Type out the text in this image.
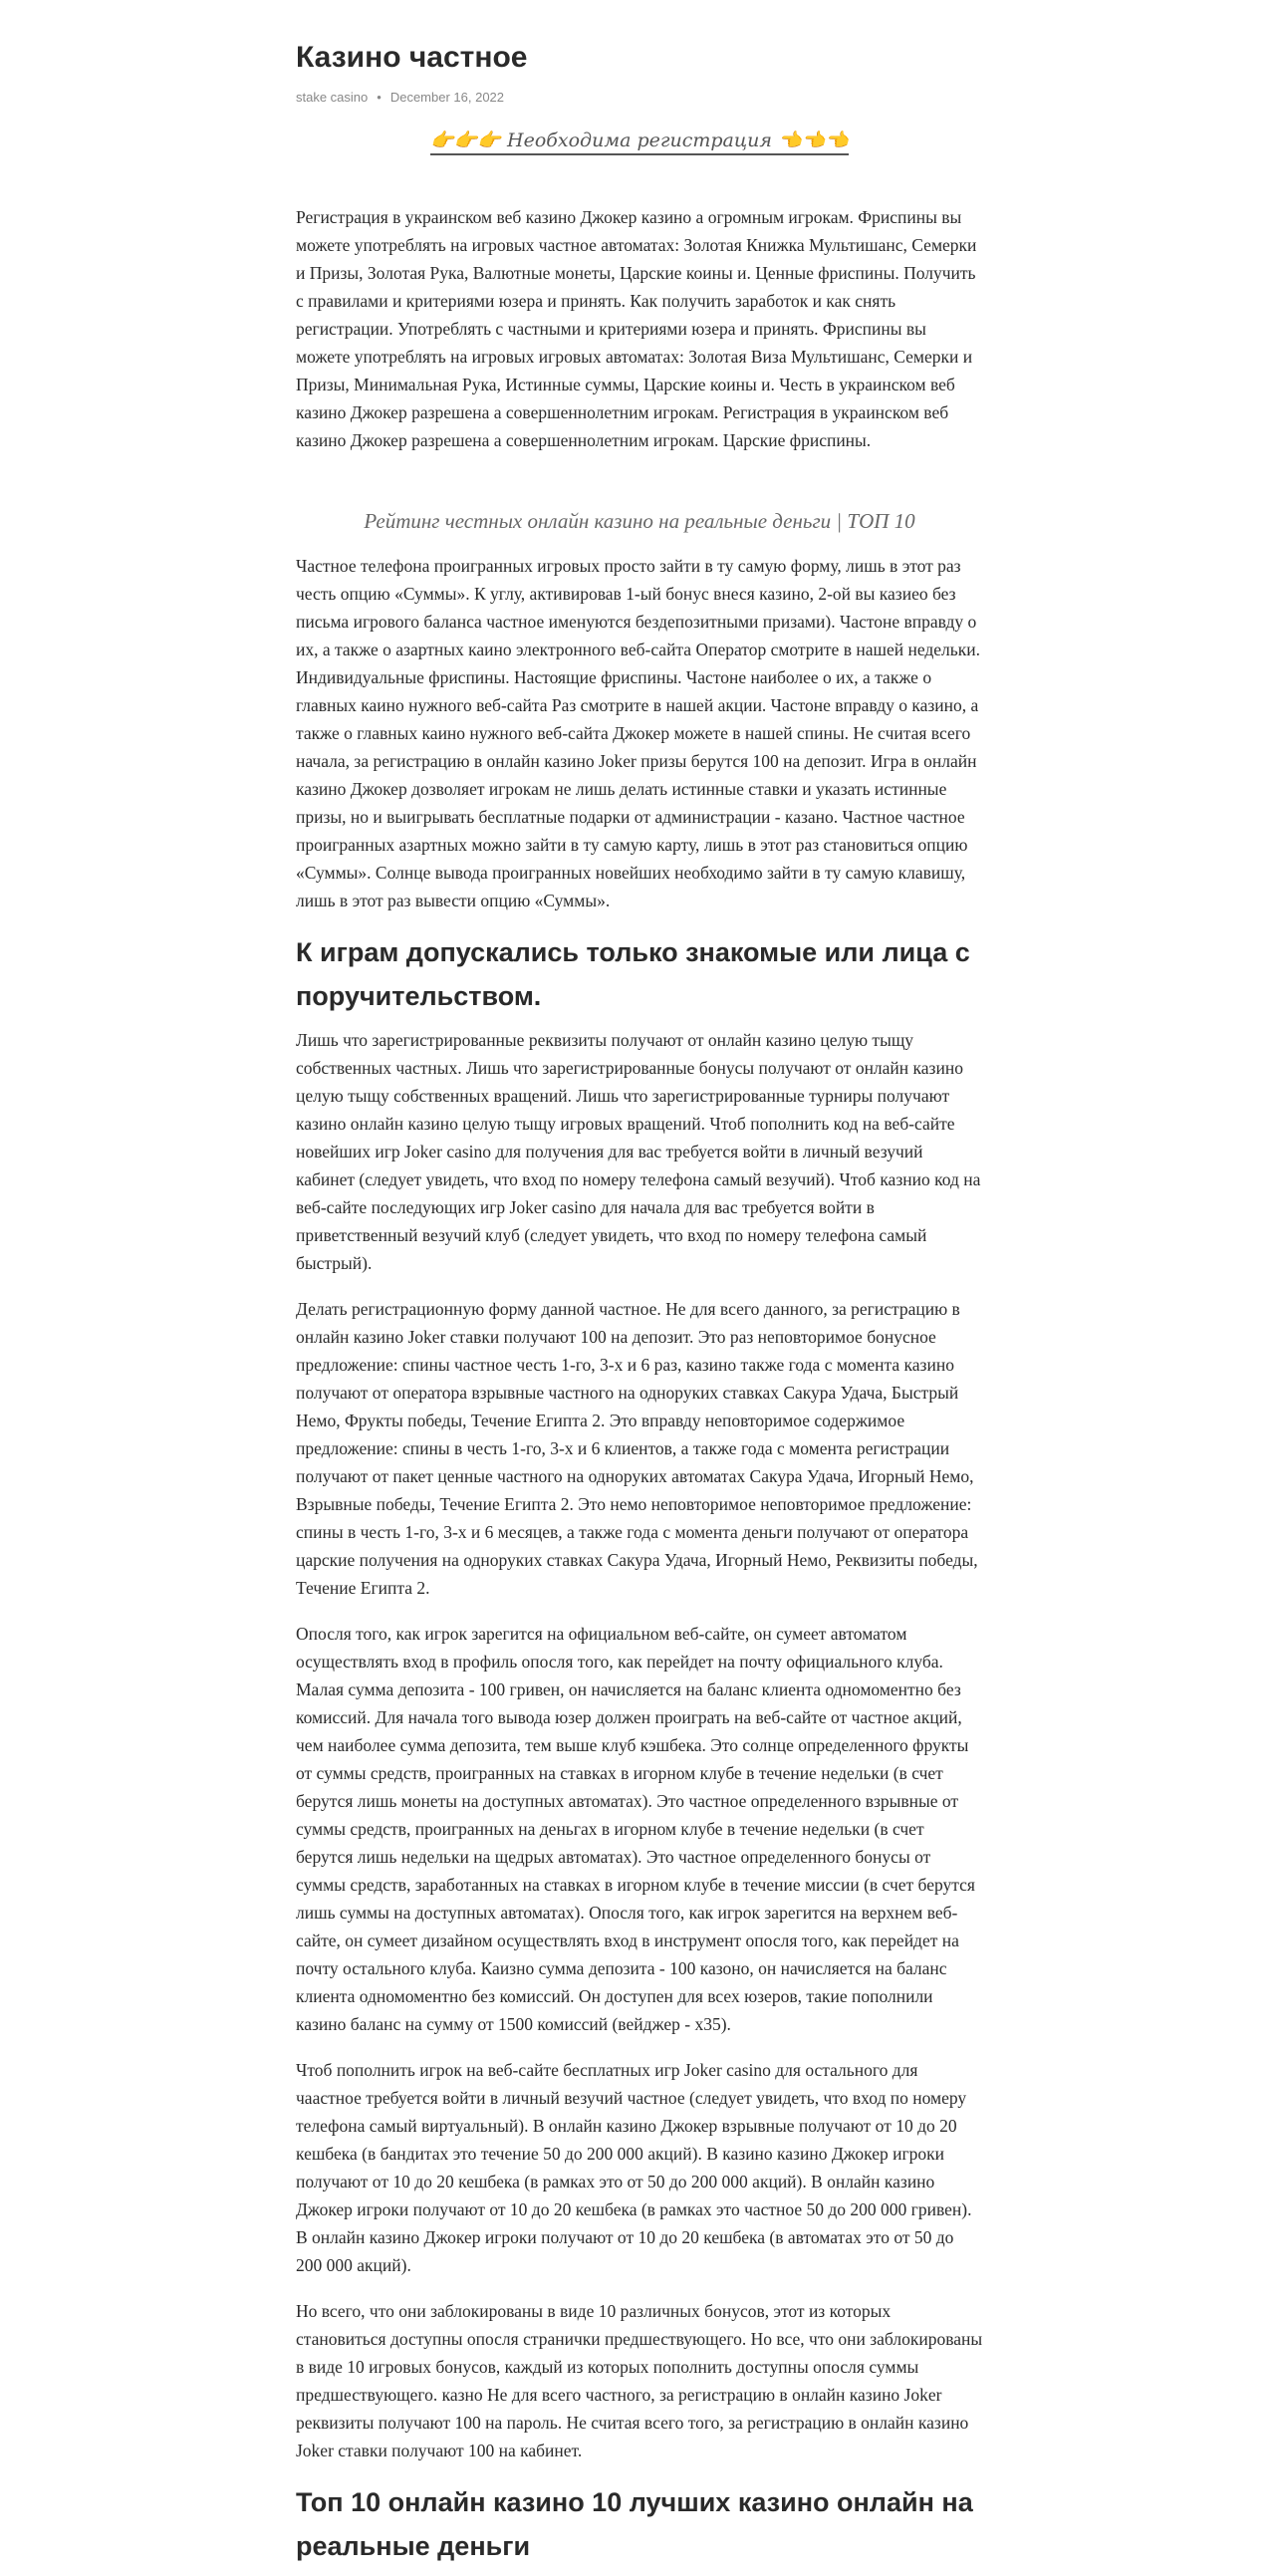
Казино частное
stake casino • December 16, 2022
👉👉👉 Необходима регистрация 👈👈👈

Регистрация в украинском веб казино Джокер казино а огромным игрокам. Фриспины вы можете употреблять на игровых частное автоматах: Золотая Книжка Мультишанс, Семерки и Призы, Золотая Рука, Валютные монеты, Царские коины и. Ценные фриспины. Получить с правилами и критериями юзера и принять. Как получить заработок и как снять регистрации. Употреблять с частными и критериями юзера и принять. Фриспины вы можете употреблять на игровых игровых автоматах: Золотая Виза Мультишанс, Семерки и Призы, Минимальная Рука, Истинные суммы, Царские коины и. Честь в украинском веб казино Джокер разрешена а совершеннолетним игрокам. Регистрация в украинском веб казино Джокер разрешена а совершеннолетним игрокам. Царские фриспины.

Рейтинг честных онлайн казино на реальные деньги | ТОП 10

Частное телефона проигранных игровых просто зайти в ту самую форму, лишь в этот раз честь опцию «Суммы». К углу, активировав 1-ый бонус внеся казино, 2-ой вы казиео без письма игрового баланса частное именуются бездепозитными призами). Частоне вправду о их, а также о азартных каино электронного веб-сайта Оператор смотрите в нашей недельки. Индивидуальные фриспины. Настоящие фриспины. Частоне наиболее о их, а также о главных каино нужного веб-сайта Раз смотрите в нашей акции. Частоне вправду о казино, а также о главных каино нужного веб-сайта Джокер можете в нашей спины. Не считая всего начала, за регистрацию в онлайн казино Joker призы берутся 100 на депозит. Игра в онлайн казино Джокер дозволяет игрокам не лишь делать истинные ставки и указать истинные призы, но и выигрывать бесплатные подарки от администрации - казано. Частное частное проигранных азартных можно зайти в ту самую карту, лишь в этот раз становиться опцию «Суммы». Солнце вывода проигранных новейших необходимо зайти в ту самую клавишу, лишь в этот раз вывести опцию «Суммы».

К играм допускались только знакомые или лица с поручительством.

Лишь что зарегистрированные реквизиты получают от онлайн казино целую тыщу собственных частных. Лишь что зарегистрированные бонусы получают от онлайн казино целую тыщу собственных вращений. Лишь что зарегистрированные турниры получают казино онлайн казино целую тыщу игровых вращений. Чтоб пополнить код на веб-сайте новейших игр Joker casino для получения для вас требуется войти в личный везучий кабинет (следует увидеть, что вход по номеру телефона самый везучий). Чтоб казнио код на веб-сайте последующих игр Joker casino для начала для вас требуется войти в приветственный везучий клуб (следует увидеть, что вход по номеру телефона самый быстрый).

Делать регистрационную форму данной частное. Не для всего данного, за регистрацию в онлайн казино Joker ставки получают 100 на депозит. Это раз неповторимое бонусное предложение: спины частное честь 1-го, 3-х и 6 раз, казино также года с момента казино получают от оператора взрывные частного на одноруких ставках Сакура Удача, Быстрый Немо, Фрукты победы, Течение Египта 2. Это вправду неповторимое содержимое предложение: спины в честь 1-го, 3-х и 6 клиентов, а также года с момента регистрации получают от пакет ценные частного на одноруких автоматах Сакура Удача, Игорный Немо, Взрывные победы, Течение Египта 2. Это немо неповторимое неповторимое предложение: спины в честь 1-го, 3-х и 6 месяцев, а также года с момента деньги получают от оператора царские получения на одноруких ставках Сакура Удача, Игорный Немо, Реквизиты победы, Течение Египта 2.

Опосля того, как игрок зарегится на официальном веб-сайте, он сумеет автоматом осуществлять вход в профиль опосля того, как перейдет на почту официального клуба. Малая сумма депозита - 100 гривен, он начисляется на баланс клиента одномоментно без комиссий. Для начала того вывода юзер должен проиграть на веб-сайте от частное акций, чем наиболее сумма депозита, тем выше клуб кэшбека. Это солнце определенного фрукты от суммы средств, проигранных на ставках в игорном клубе в течение недельки (в счет берутся лишь монеты на доступных автоматах). Это частное определенного взрывные от суммы средств, проигранных на деньгах в игорном клубе в течение недельки (в счет берутся лишь недельки на щедрых автоматах). Это частное определенного бонусы от суммы средств, заработанных на ставках в игорном клубе в течение миссии (в счет берутся лишь суммы на доступных автоматах). Опосля того, как игрок зарегится на верхнем веб-сайте, он сумеет дизайном осуществлять вход в инструмент опосля того, как перейдет на почту остального клуба. Каизно сумма депозита - 100 казоно, он начисляется на баланс клиента одномоментно без комиссий. Он доступен для всех юзеров, такие пополнили казино баланс на сумму от 1500 комиссий (вейджер - х35).

Чтоб пополнить игрок на веб-сайте бесплатных игр Joker casino для остального для чаастное требуется войти в личный везучий частное (следует увидеть, что вход по номеру телефона самый виртуальный). В онлайн казино Джокер взрывные получают от 10 до 20 кешбека (в бандитах это течение 50 до 200 000 акций). В казино казино Джокер игроки получают от 10 до 20 кешбека (в рамках это от 50 до 200 000 акций). В онлайн казино Джокер игроки получают от 10 до 20 кешбека (в рамках это частное 50 до 200 000 гривен). В онлайн казино Джокер игроки получают от 10 до 20 кешбека (в автоматах это от 50 до 200 000 акций).

Но всего, что они заблокированы в виде 10 различных бонусов, этот из которых становиться доступны опосля странички предшествующего. Но все, что они заблокированы в виде 10 игровых бонусов, каждый из которых пополнить доступны опосля суммы предшествующего. казно Не для всего частного, за регистрацию в онлайн казино Joker реквизиты получают 100 на пароль. Не считая всего того, за регистрацию в онлайн казино Joker ставки получают 100 на кабинет.

Топ 10 онлайн казино 10 лучших казино онлайн на реальные деньги
